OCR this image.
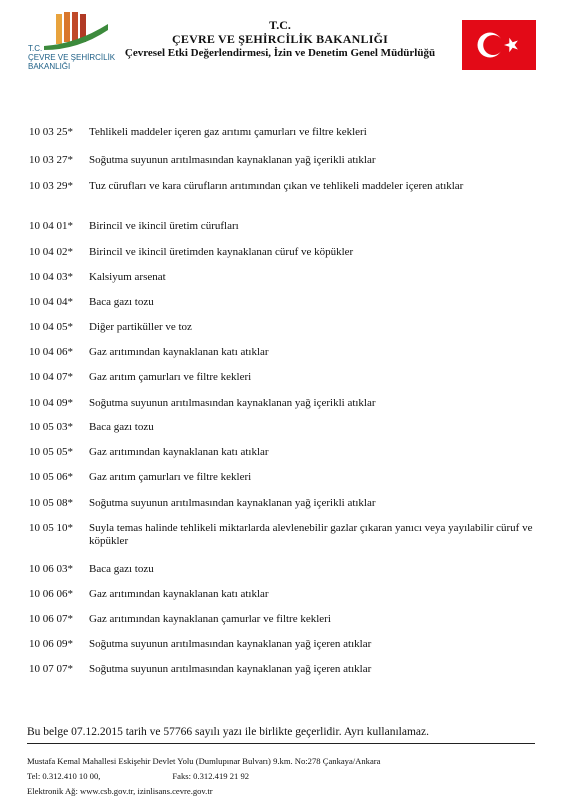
T.C.
ÇEVRE VE ŞEHİRCİLİK
BAKANLIĞI
T.C.
ÇEVRE VE ŞEHİRCİLİK BAKANLIĞI
Çevresel Etki Değerlendirmesi, İzin ve Denetim Genel Müdürlüğü
10 03 25*	Tehlikeli maddeler içeren gaz arıtımı çamurları ve filtre kekleri
10 03 27*	Soğutma suyunun arıtılmasından kaynaklanan yağ içerikli atıklar
10 03 29*	Tuz cürufları ve kara cürufların arıtımından çıkan ve tehlikeli maddeler içeren atıklar
10 04 01*	Birincil ve ikincil üretim cürufları
10 04 02*	Birincil ve ikincil üretimden kaynaklanan cüruf ve köpükler
10 04 03*	Kalsiyum arsenat
10 04 04*	Baca gazı tozu
10 04 05*	Diğer partiküller ve toz
10 04 06*	Gaz arıtımından kaynaklanan katı atıklar
10 04 07*	Gaz arıtım çamurları ve filtre kekleri
10 04 09*	Soğutma suyunun arıtılmasından kaynaklanan yağ içerikli atıklar
10 05 03*	Baca gazı tozu
10 05 05*	Gaz arıtımından kaynaklanan katı atıklar
10 05 06*	Gaz arıtım çamurları ve filtre kekleri
10 05 08*	Soğutma suyunun arıtılmasından kaynaklanan yağ içerikli atıklar
10 05 10*	Suyla temas halinde tehlikeli miktarlarda alevlenebilir gazlar çıkaran yanıcı veya yayılabilir cüruf ve köpükler
10 06 03*	Baca gazı tozu
10 06 06*	Gaz arıtımından kaynaklanan katı atıklar
10 06 07*	Gaz arıtımından kaynaklanan çamurlar ve filtre kekleri
10 06 09*	Soğutma suyunun arıtılmasından kaynaklanan yağ içeren atıklar
10 07 07*	Soğutma suyunun arıtılmasından kaynaklanan yağ içeren atıklar
Bu belge 07.12.2015 tarih ve 57766 sayılı yazı ile birlikte geçerlidir. Ayrı kullanılamaz.
Mustafa Kemal Mahallesi Eskişehir Devlet Yolu (Dumlupınar Bulvarı) 9.km. No:278 Çankaya/Ankara
Tel: 0.312.410 10 00,	Faks: 0.312.419 21 92
Elektronik Ağ: www.csb.gov.tr, izinlisans.cevre.gov.tr
